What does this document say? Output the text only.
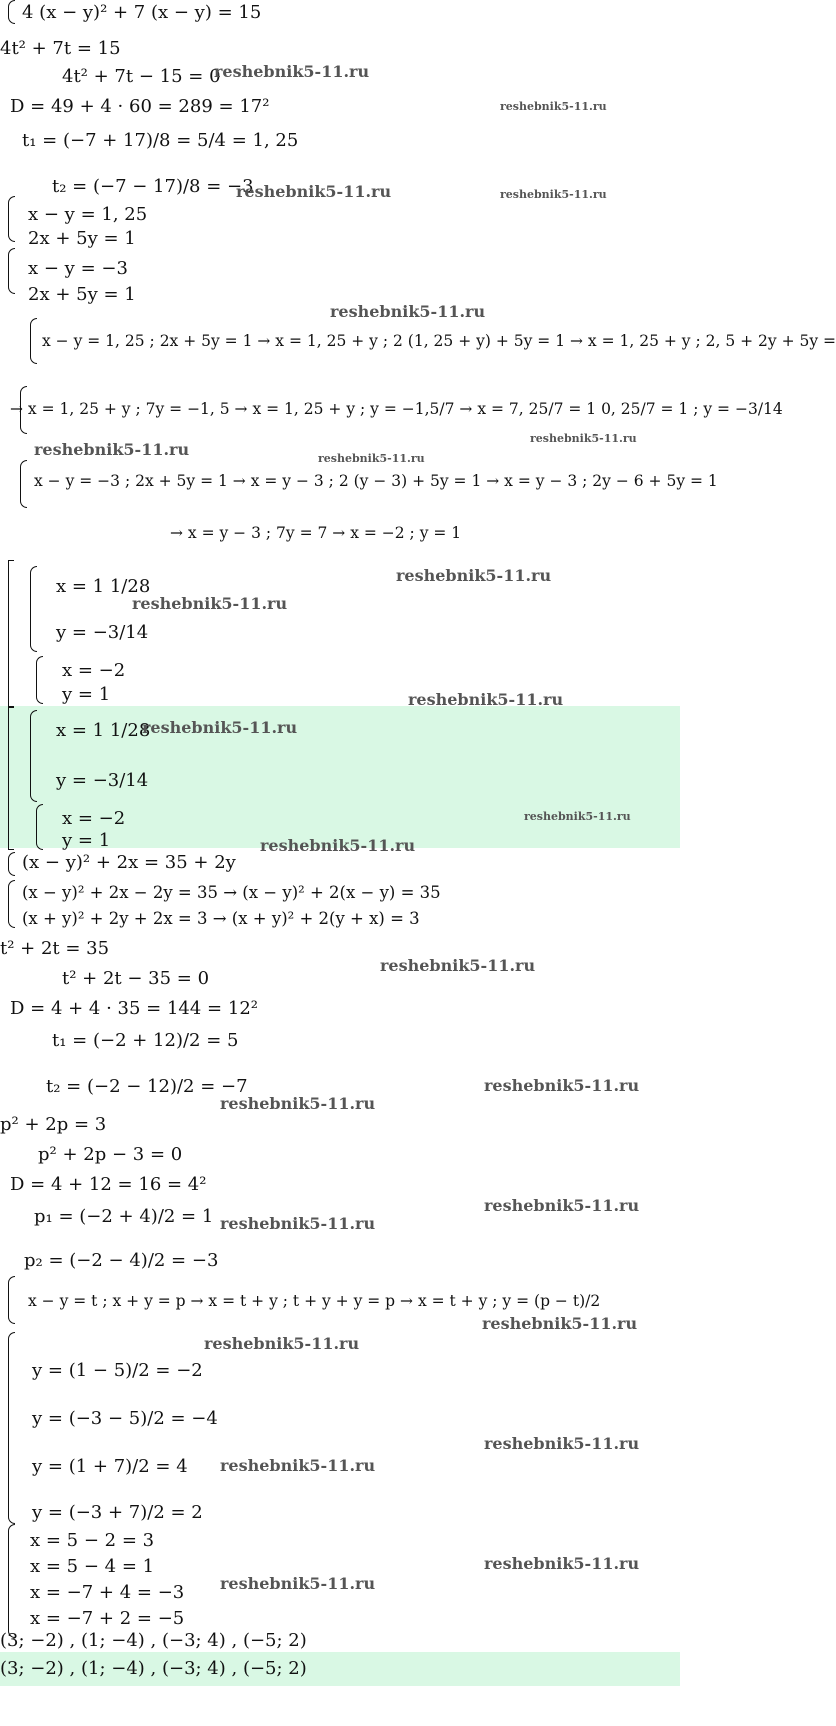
4 (x − y)² + 7 (x − y) = 15
4t² + 7t = 15
4t² + 7t − 15 = 0
D = 49 + 4 · 60 = 289 = 17²
t₁ = (−7 + 17)/8 = 5/4 = 1, 25
t₂ = (−7 − 17)/8 = −3
x − y = 1, 25
2x + 5y = 1
x − y = −3
2x + 5y = 1
x − y = 1, 25 ; 2x + 5y = 1 → x = 1, 25 + y ; 2 (1, 25 + y) + 5y = 1 → x = 1, 25 + y ; 2, 5 + 2y + 5y =
→ x = 1, 25 + y ; 7y = −1, 5 → x = 1, 25 + y ; y = −1,5/7 → x = 7, 25/7 = 1 0, 25/7 = 1 ; y = −3/14
x − y = −3 ; 2x + 5y = 1 → x = y − 3 ; 2 (y − 3) + 5y = 1 → x = y − 3 ; 2y − 6 + 5y = 1
→ x = y − 3 ; 7y = 7 → x = −2 ; y = 1
x = 1 1/28
y = −3/14
x = −2
y = 1
x = 1 1/28
y = −3/14
x = −2
y = 1
(x − y)² + 2x = 35 + 2y
(x − y)² + 2x − 2y = 35 → (x − y)² + 2(x − y) = 35
(x + y)² + 2y + 2x = 3 → (x + y)² + 2(y + x) = 3
t² + 2t = 35
t² + 2t − 35 = 0
D = 4 + 4 · 35 = 144 = 12²
t₁ = (−2 + 12)/2 = 5
t₂ = (−2 − 12)/2 = −7
p² + 2p = 3
p² + 2p − 3 = 0
D = 4 + 12 = 16 = 4²
p₁ = (−2 + 4)/2 = 1
p₂ = (−2 − 4)/2 = −3
x − y = t ; x + y = p → x = t + y ; t + y + y = p → x = t + y ; y = (p − t)/2
y = (1 − 5)/2 = −2
y = (−3 − 5)/2 = −4
y = (1 + 7)/2 = 4
y = (−3 + 7)/2 = 2
x = 5 − 2 = 3
x = 5 − 4 = 1
x = −7 + 4 = −3
x = −7 + 2 = −5
(3; −2) , (1; −4) , (−3; 4) , (−5; 2)
(3; −2) , (1; −4) , (−3; 4) , (−5; 2)
reshebnik5-11.ru
reshebnik5-11.ru
reshebnik5-11.ru	reshebnik5-11.ru
reshebnik5-11.ru
reshebnik5-11.ru
reshebnik5-11.ru	reshebnik5-11.ru
reshebnik5-11.ru
reshebnik5-11.ru
reshebnik5-11.ru
reshebnik5-11.ru
reshebnik5-11.ru
reshebnik5-11.ru
reshebnik5-11.ru
reshebnik5-11.ru
reshebnik5-11.ru
reshebnik5-11.ru
reshebnik5-11.ru
reshebnik5-11.ru
reshebnik5-11.ru
reshebnik5-11.ru
reshebnik5-11.ru
reshebnik5-11.ru
reshebnik5-11.ru
